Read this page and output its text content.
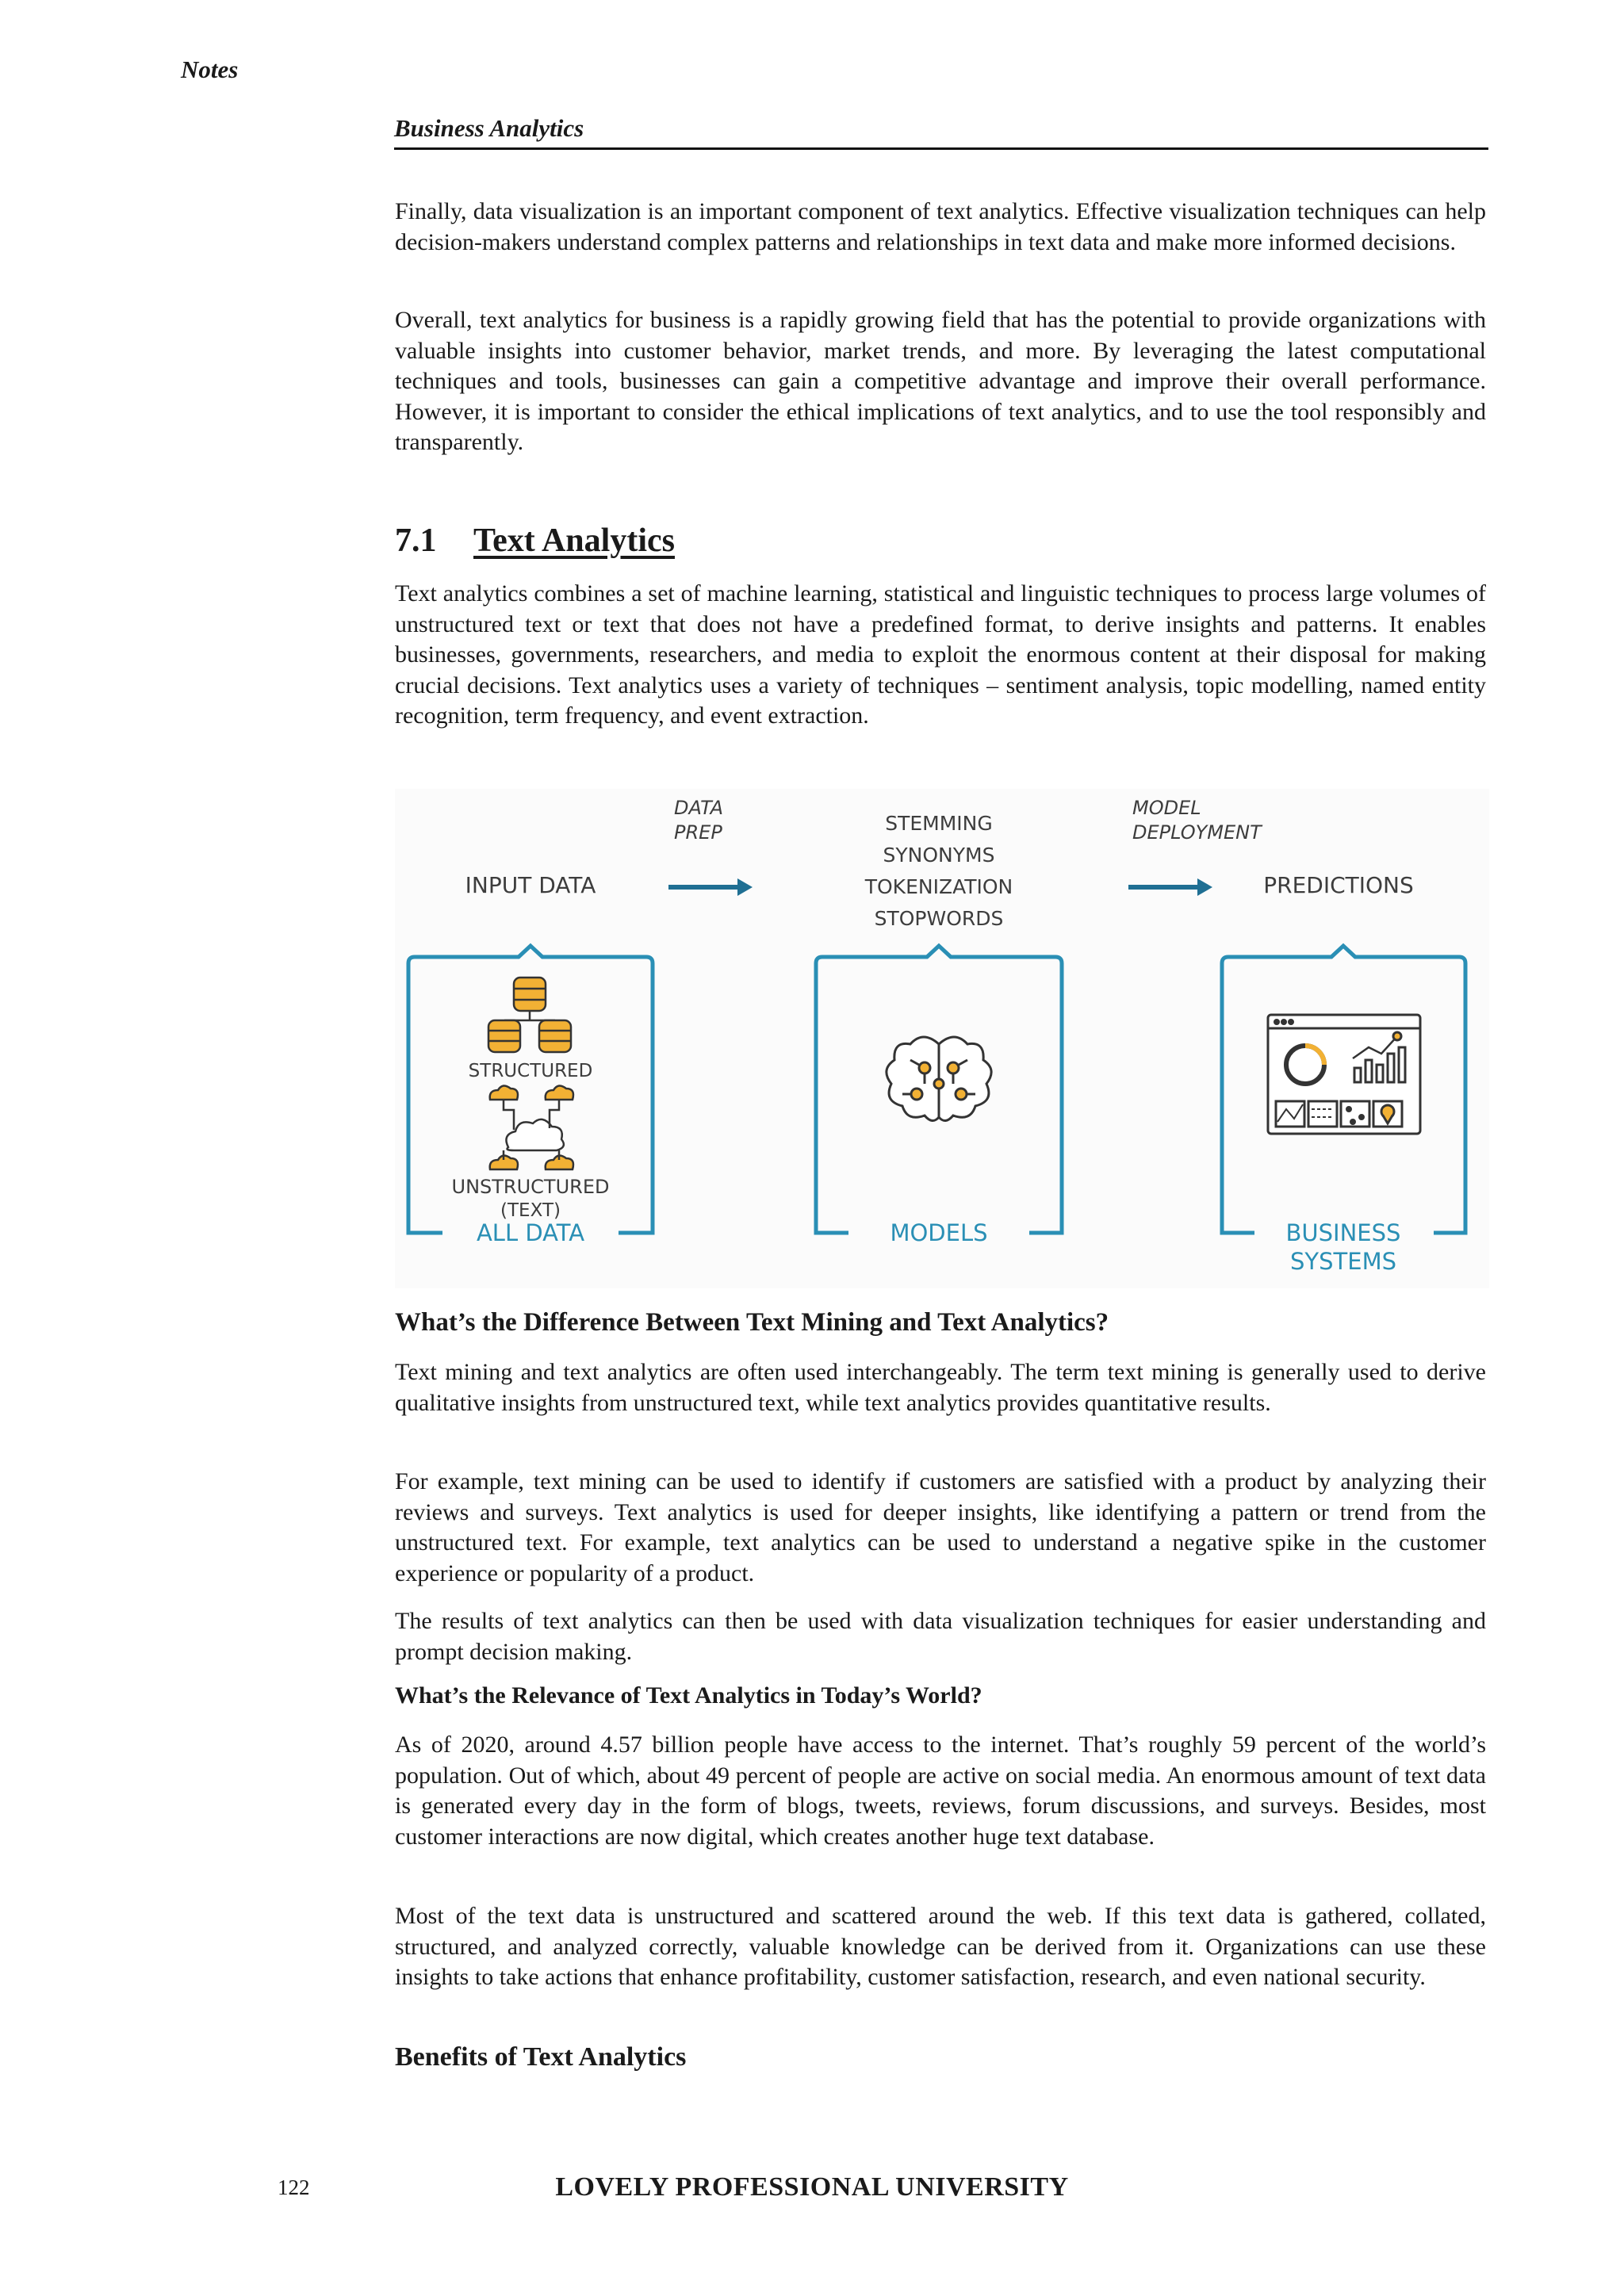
Notes
Business Analytics

Finally, data visualization is an important component of text analytics. Effective visualization techniques can help decision-makers understand complex patterns and relationships in text data and make more informed decisions.

Overall, text analytics for business is a rapidly growing field that has the potential to provide organizations with valuable insights into customer behavior, market trends, and more. By leveraging the latest computational techniques and tools, businesses can gain a competitive advantage and improve their overall performance. However, it is important to consider the ethical implications of text analytics, and to use the tool responsibly and transparently.

7.1 Text Analytics

Text analytics combines a set of machine learning, statistical and linguistic techniques to process large volumes of unstructured text or text that does not have a predefined format, to derive insights and patterns. It enables businesses, governments, researchers, and media to exploit the enormous content at their disposal for making crucial decisions. Text analytics uses a variety of techniques – sentiment analysis, topic modelling, named entity recognition, term frequency, and event extraction.

INPUT DATA
DATA
PREP	STEMMING
SYNONYMS
TOKENIZATION
STOPWORDS
MODEL
DEPLOYMENT
PREDICTIONS
STRUCTURED
UNSTRUCTURED
(TEXT)
ALL DATA	MODELS	BUSINESS
SYSTEMS
What’s the Difference Between Text Mining and Text Analytics?

Text mining and text analytics are often used interchangeably. The term text mining is generally used to derive qualitative insights from unstructured text, while text analytics provides quantitative results.

For example, text mining can be used to identify if customers are satisfied with a product by analyzing their reviews and surveys. Text analytics is used for deeper insights, like identifying a pattern or trend from the unstructured text. For example, text analytics can be used to understand a negative spike in the customer experience or popularity of a product.

The results of text analytics can then be used with data visualization techniques for easier understanding and prompt decision making.

What’s the Relevance of Text Analytics in Today’s World?

As of 2020, around 4.57 billion people have access to the internet. That’s roughly 59 percent of the world’s population. Out of which, about 49 percent of people are active on social media. An enormous amount of text data is generated every day in the form of blogs, tweets, reviews, forum discussions, and surveys. Besides, most customer interactions are now digital, which creates another huge text database.

Most of the text data is unstructured and scattered around the web. If this text data is gathered, collated, structured, and analyzed correctly, valuable knowledge can be derived from it. Organizations can use these insights to take actions that enhance profitability, customer satisfaction, research, and even national security.

Benefits of Text Analytics
122	LOVELY PROFESSIONAL UNIVERSITY
